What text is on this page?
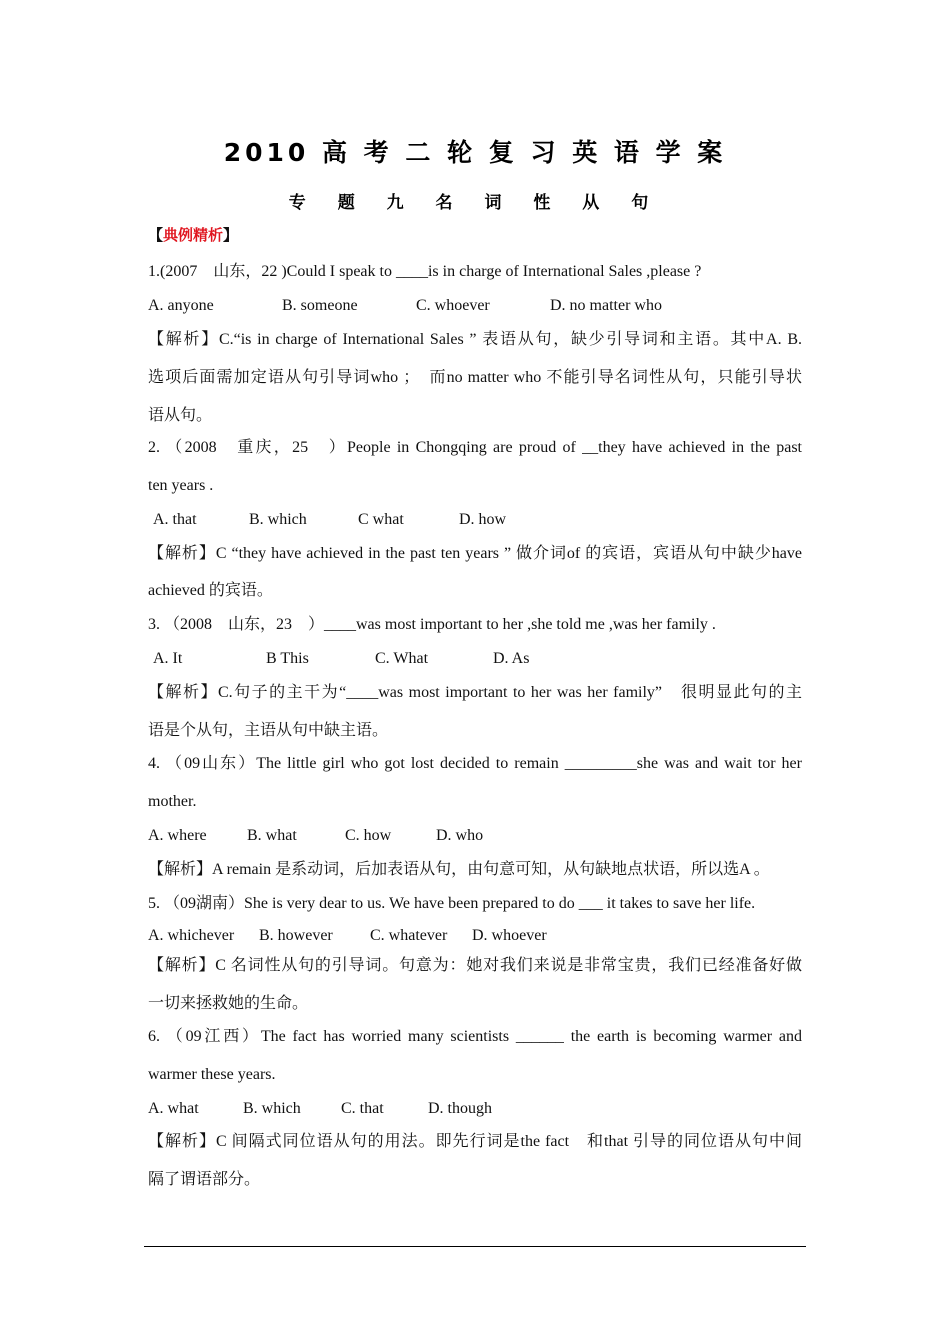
2010 高 考 二 轮 复 习 英 语 学 案
专 题 九 名 词 性 从 句
【典例精析】
1.(2007　山东，22 )Could I speak to ____is in charge of International Sales ,please ?
A. anyone	B. someone	C. whoever	D. no matter who
【解析】C.“is in charge of International Sales ” 表语从句，缺少引导词和主语。其中A. B.
选项后面需加定语从句引导词who ；　而no matter who 不能引导名词性从句，只能引导状
语从句。
2. （2008　重庆，25　）People in Chongqing are proud of __they have achieved in the past
ten years .
A. that	B. which	C what	D. how
【解析】C “they have achieved in the past ten years ” 做介词of 的宾语，宾语从句中缺少have
achieved 的宾语。
3. （2008　山东，23　）____was most important to her ,she told me ,was her family .
A. It	B This	C. What	D. As
【解析】C.句子的主干为“____was most important to her was her family”　很明显此句的主
语是个从句，主语从句中缺主语。
4. （09山东）The little girl who got lost decided to remain _________she was and wait tor her
mother.
A. where	B. what	C. how	D. who
【解析】A remain 是系动词，后加表语从句，由句意可知，从句缺地点状语，所以选A 。
5. （09湖南）She is very dear to us. We have been prepared to do ___ it takes to save her life.
A. whichever B. however C. whatever D. whoever
【解析】C 名词性从句的引导词。句意为：她对我们来说是非常宝贵，我们已经准备好做
一切来拯救她的生命。
6. （09江西）The fact has worried many scientists ______ the earth is becoming warmer and
warmer these years.
A. what	B. which	C. that	D. though
【解析】C 间隔式同位语从句的用法。即先行词是the fact　和that 引导的同位语从句中间
隔了谓语部分。
